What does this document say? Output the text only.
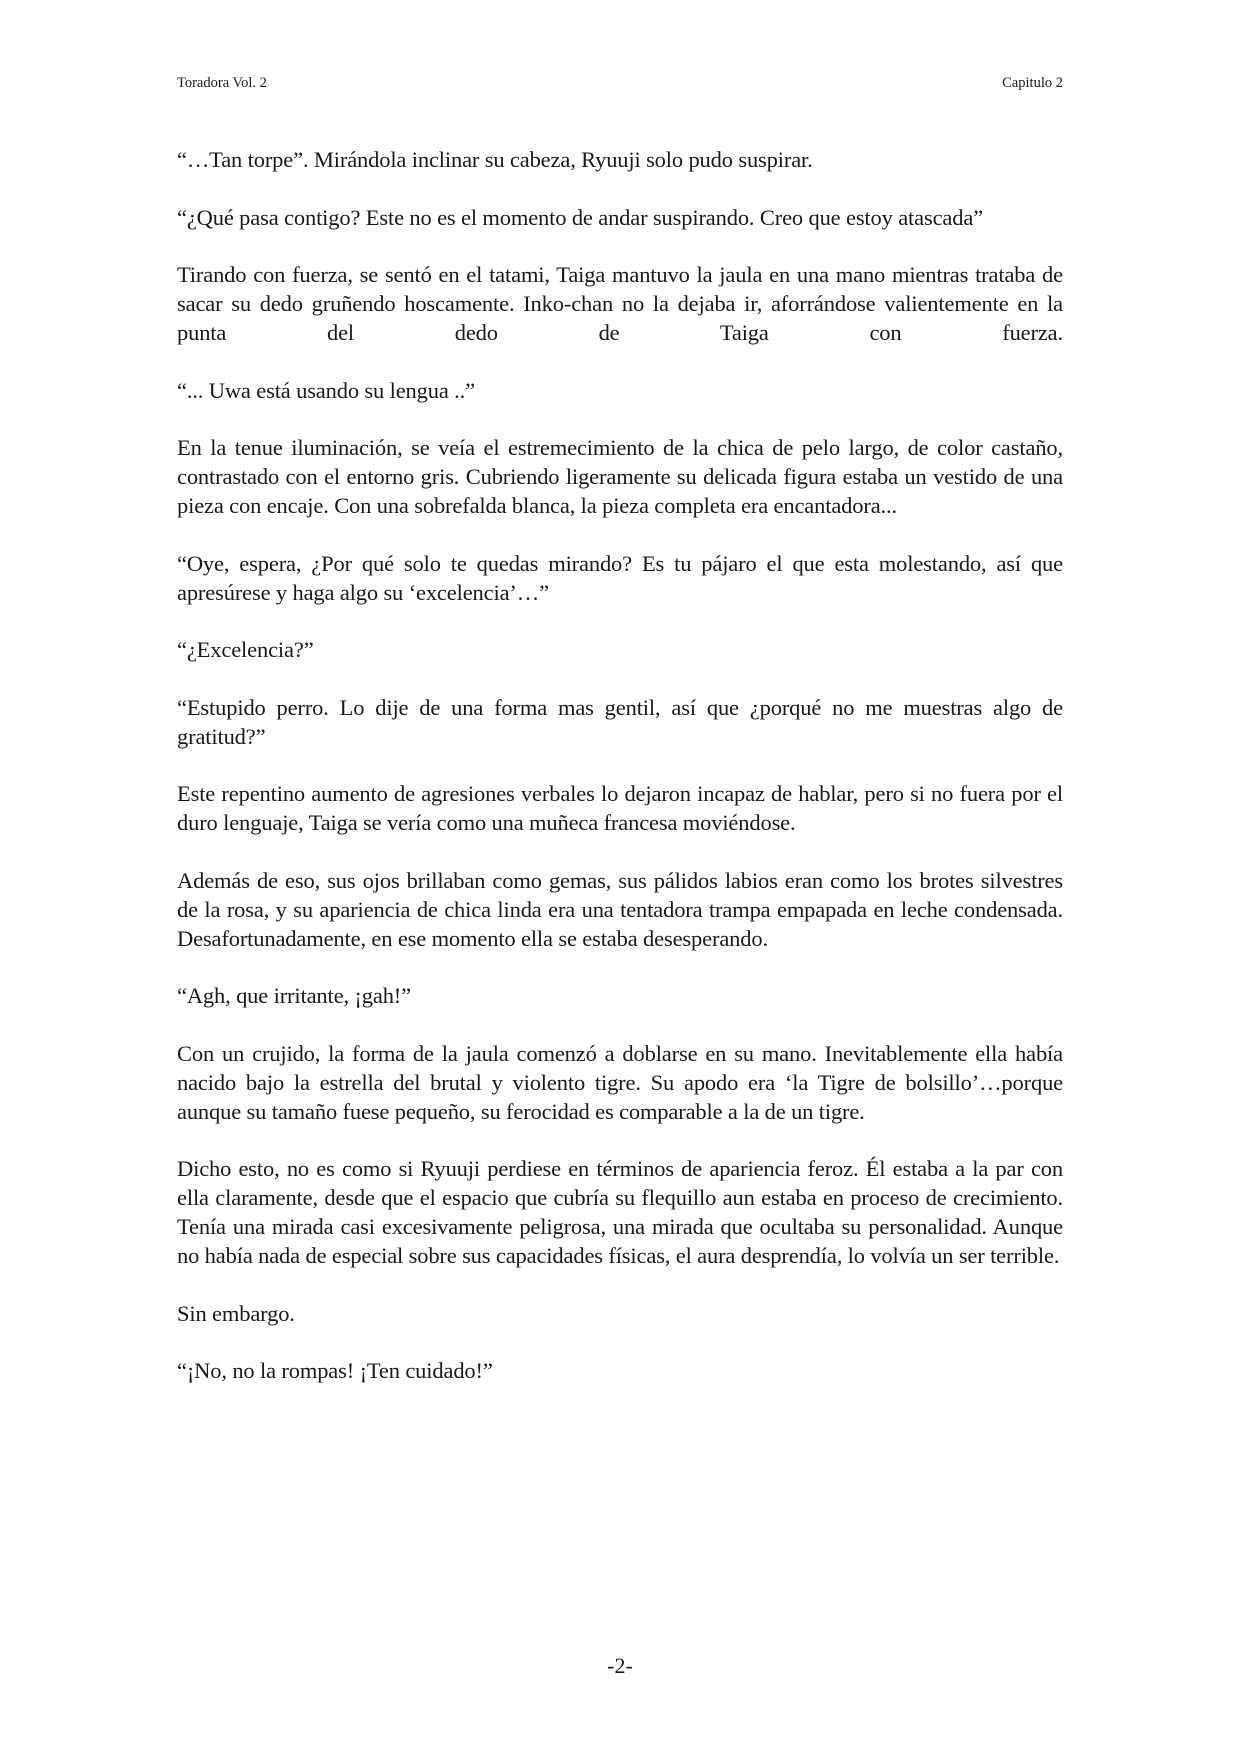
Toradora Vol. 2	Capitulo 2

“…Tan torpe”. Mirándola inclinar su cabeza, Ryuuji solo pudo suspirar.

“¿Qué pasa contigo? Este no es el momento de andar suspirando. Creo que estoy atascada”

Tirando con fuerza, se sentó en el tatami, Taiga mantuvo la jaula en una mano mientras trataba de sacar su dedo gruñendo hoscamente. Inko-chan no la dejaba ir, aforrándose valientemente en la punta del dedo de Taiga con fuerza.

“... Uwa está usando su lengua ..”

En la tenue iluminación, se veía el estremecimiento de la chica de pelo largo, de color castaño, contrastado con el entorno gris. Cubriendo ligeramente su delicada figura estaba un vestido de una pieza con encaje. Con una sobrefalda blanca, la pieza completa era encantadora...

“Oye, espera, ¿Por qué solo te quedas mirando? Es tu pájaro el que esta molestando, así que apresúrese y haga algo su ‘excelencia’…”

“¿Excelencia?”

“Estupido perro. Lo dije de una forma mas gentil, así que ¿porqué no me muestras algo de gratitud?”

Este repentino aumento de agresiones verbales lo dejaron incapaz de hablar, pero si no fuera por el duro lenguaje, Taiga se vería como una muñeca francesa moviéndose.

Además de eso, sus ojos brillaban como gemas, sus pálidos labios eran como los brotes silvestres de la rosa, y su apariencia de chica linda era una tentadora trampa empapada en leche condensada. Desafortunadamente, en ese momento ella se estaba desesperando.

“Agh, que irritante, ¡gah!”

Con un crujido, la forma de la jaula comenzó a doblarse en su mano. Inevitablemente ella había nacido bajo la estrella del brutal y violento tigre. Su apodo era ‘la Tigre de bolsillo’…porque aunque su tamaño fuese pequeño, su ferocidad es comparable a la de un tigre.

Dicho esto, no es como si Ryuuji perdiese en términos de apariencia feroz. Él estaba a la par con ella claramente, desde que el espacio que cubría su flequillo aun estaba en proceso de crecimiento. Tenía una mirada casi excesivamente peligrosa, una mirada que ocultaba su personalidad. Aunque no había nada de especial sobre sus capacidades físicas, el aura desprendía, lo volvía un ser terrible.

Sin embargo.

“¡No, no la rompas! ¡Ten cuidado!”

-2-
